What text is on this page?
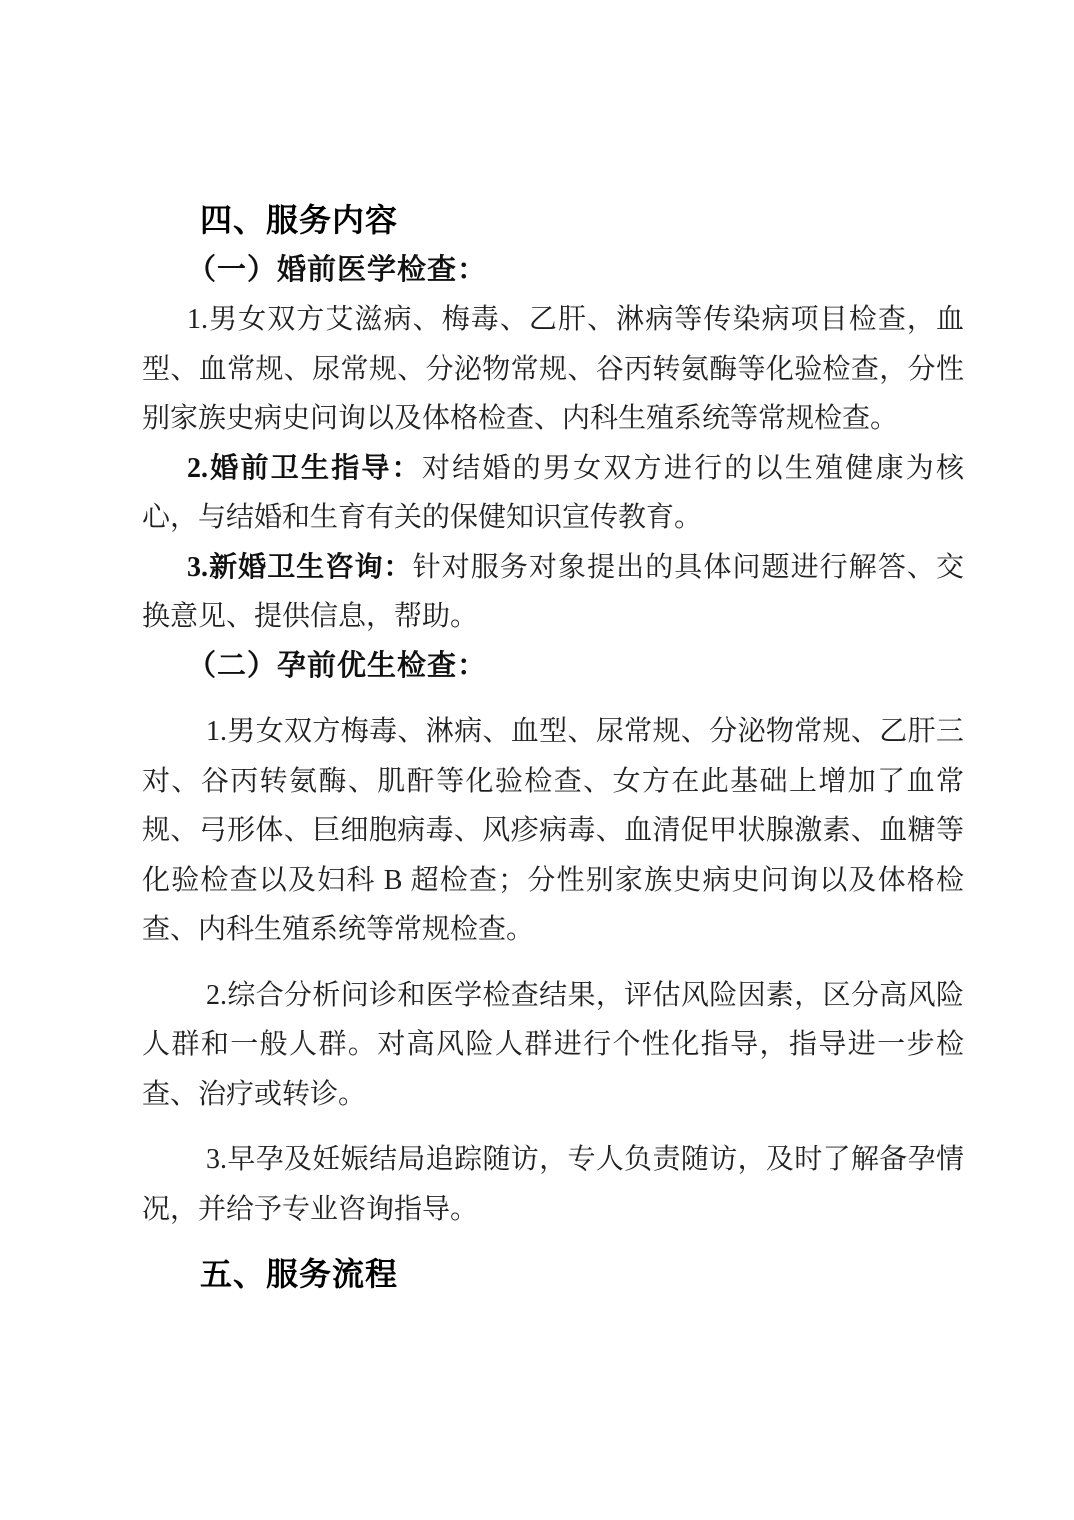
四、服务内容

（一）婚前医学检查：

1.男女双方艾滋病、梅毒、乙肝、淋病等传染病项目检查，血型、血常规、尿常规、分泌物常规、谷丙转氨酶等化验检查，分性别家族史病史问询以及体格检查、内科生殖系统等常规检查。

2.婚前卫生指导：对结婚的男女双方进行的以生殖健康为核心，与结婚和生育有关的保健知识宣传教育。

3.新婚卫生咨询：针对服务对象提出的具体问题进行解答、交换意见、提供信息，帮助。

（二）孕前优生检查：

1.男女双方梅毒、淋病、血型、尿常规、分泌物常规、乙肝三对、谷丙转氨酶、肌酐等化验检查、女方在此基础上增加了血常规、弓形体、巨细胞病毒、风疹病毒、血清促甲状腺激素、血糖等化验检查以及妇科 B 超检查；分性别家族史病史问询以及体格检查、内科生殖系统等常规检查。

2.综合分析问诊和医学检查结果，评估风险因素，区分高风险人群和一般人群。对高风险人群进行个性化指导，指导进一步检查、治疗或转诊。

3.早孕及妊娠结局追踪随访，专人负责随访，及时了解备孕情况，并给予专业咨询指导。

五、服务流程
